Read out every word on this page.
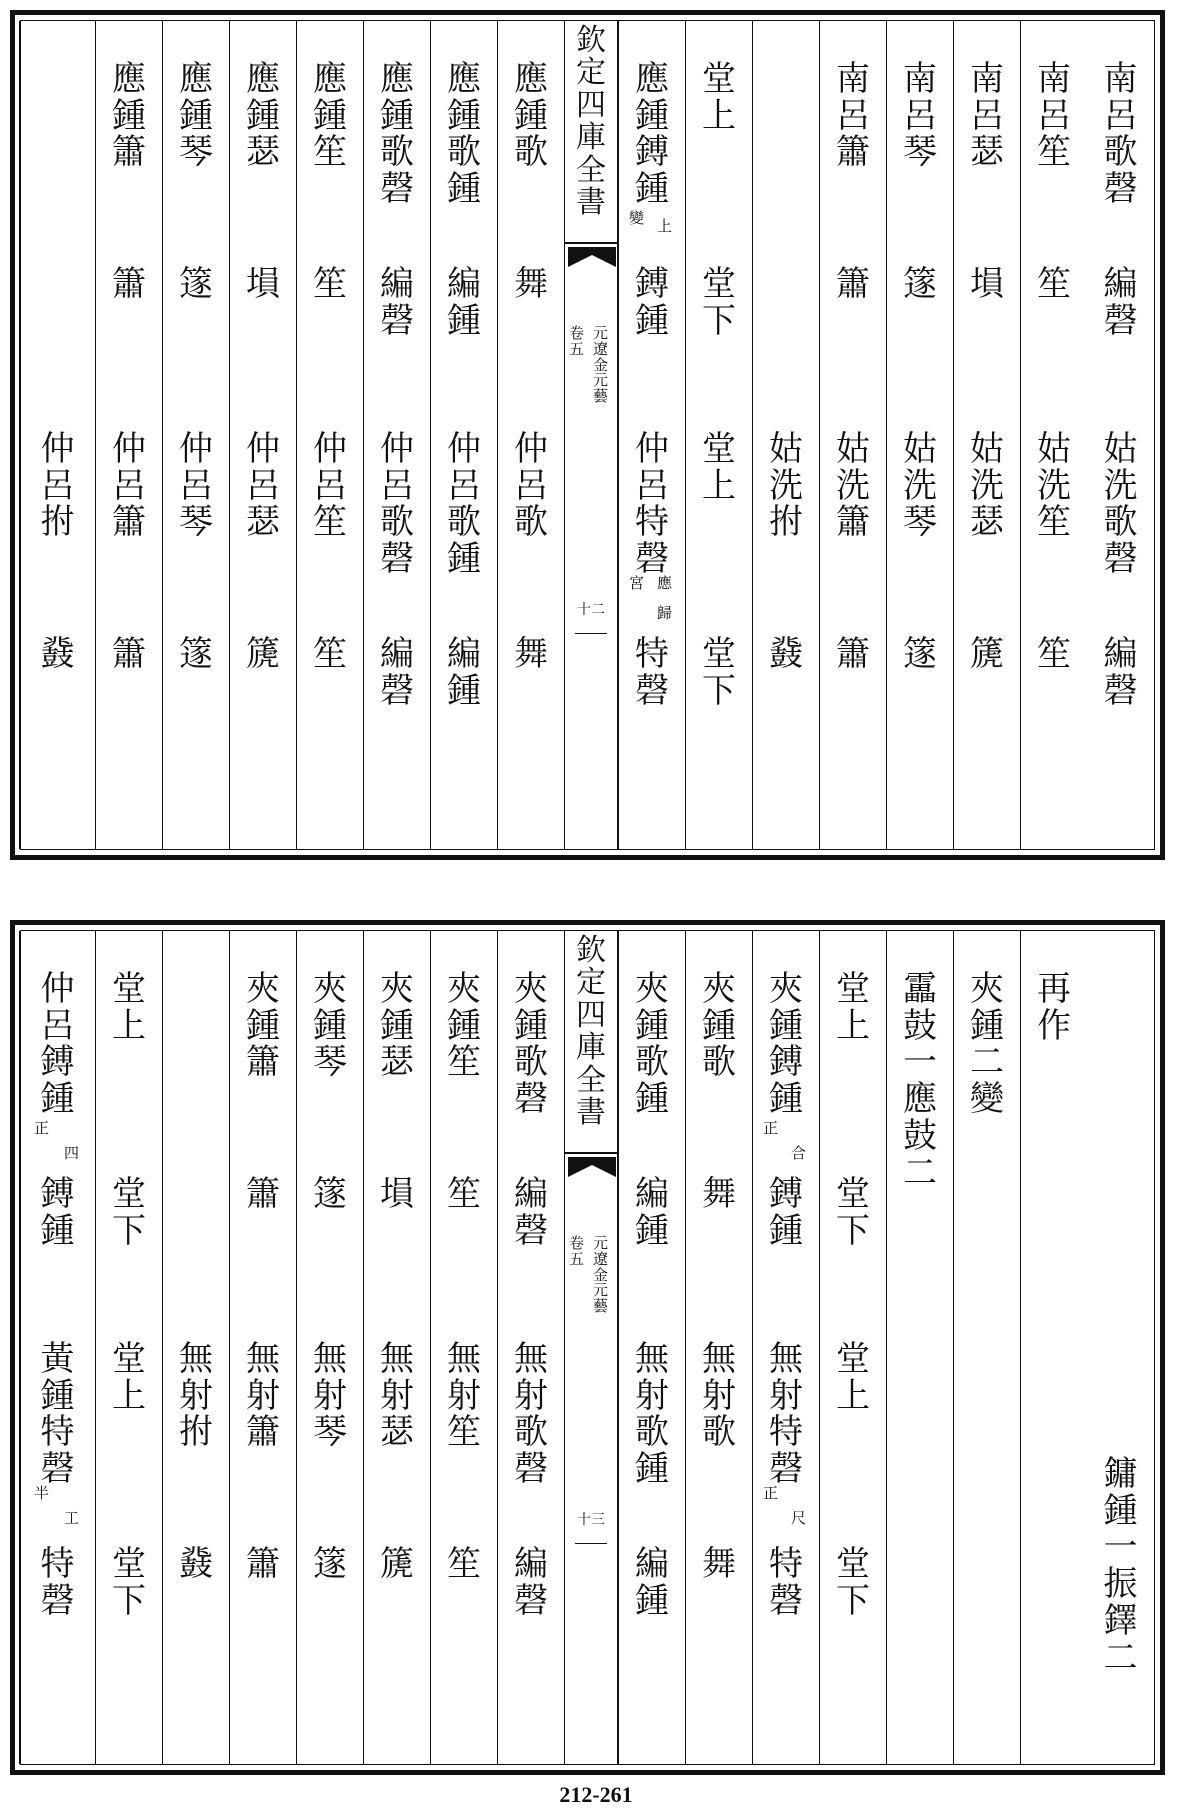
南
呂
歌
磬
編
磬
姑
洗
歌
磬
編
磬
南
呂
笙
笙
姑
洗
笙
笙
南
呂
瑟
塤
姑
洗
瑟
篪
南
呂
琴
篴
姑
洗
琴
篴
南
呂
簫
簫
姑
洗
簫
簫
姑
洗
拊
鼗
堂
上
堂
下
堂
上
堂
下
應
鍾
鎛
鍾
鎛
鍾
仲
呂
特
磬
特
磬
上
變
應
宮
歸
欽
定
四
庫
全
書
元
遼
金
元
藝
卷
五
十二
應
鍾
歌
舞
仲
呂
歌
舞
應
鍾
歌
鍾
編
鍾
仲
呂
歌
鍾
編
鍾
應
鍾
歌
磬
編
磬
仲
呂
歌
磬
編
磬
應
鍾
笙
笙
仲
呂
笙
笙
應
鍾
瑟
塤
仲
呂
瑟
篪
應
鍾
琴
篴
仲
呂
琴
篴
應
鍾
簫
簫
仲
呂
簫
簫
仲
呂
拊
鼗
鏞
鍾
一
振
鐸
二
再
作
夾
鍾
二
變
靁
鼓
一
應
鼓
二
堂
上
堂
下
堂
上
堂
下
夾
鍾
鎛
鍾
鎛
鍾
無
射
特
磬
特
磬
合
正
尺
正
夾
鍾
歌
舞
無
射
歌
舞
夾
鍾
歌
鍾
編
鍾
無
射
歌
鍾
編
鍾
欽
定
四
庫
全
書
元
遼
金
元
藝
卷
五
十三
夾
鍾
歌
磬
編
磬
無
射
歌
磬
編
磬
夾
鍾
笙
笙
無
射
笙
笙
夾
鍾
瑟
塤
無
射
瑟
篪
夾
鍾
琴
篴
無
射
琴
篴
夾
鍾
簫
簫
無
射
簫
簫
無
射
拊
鼗
堂
上
堂
下
堂
上
堂
下
仲
呂
鎛
鍾
鎛
鍾
黃
鍾
特
磬
特
磬
四
正
工
半
212-261
